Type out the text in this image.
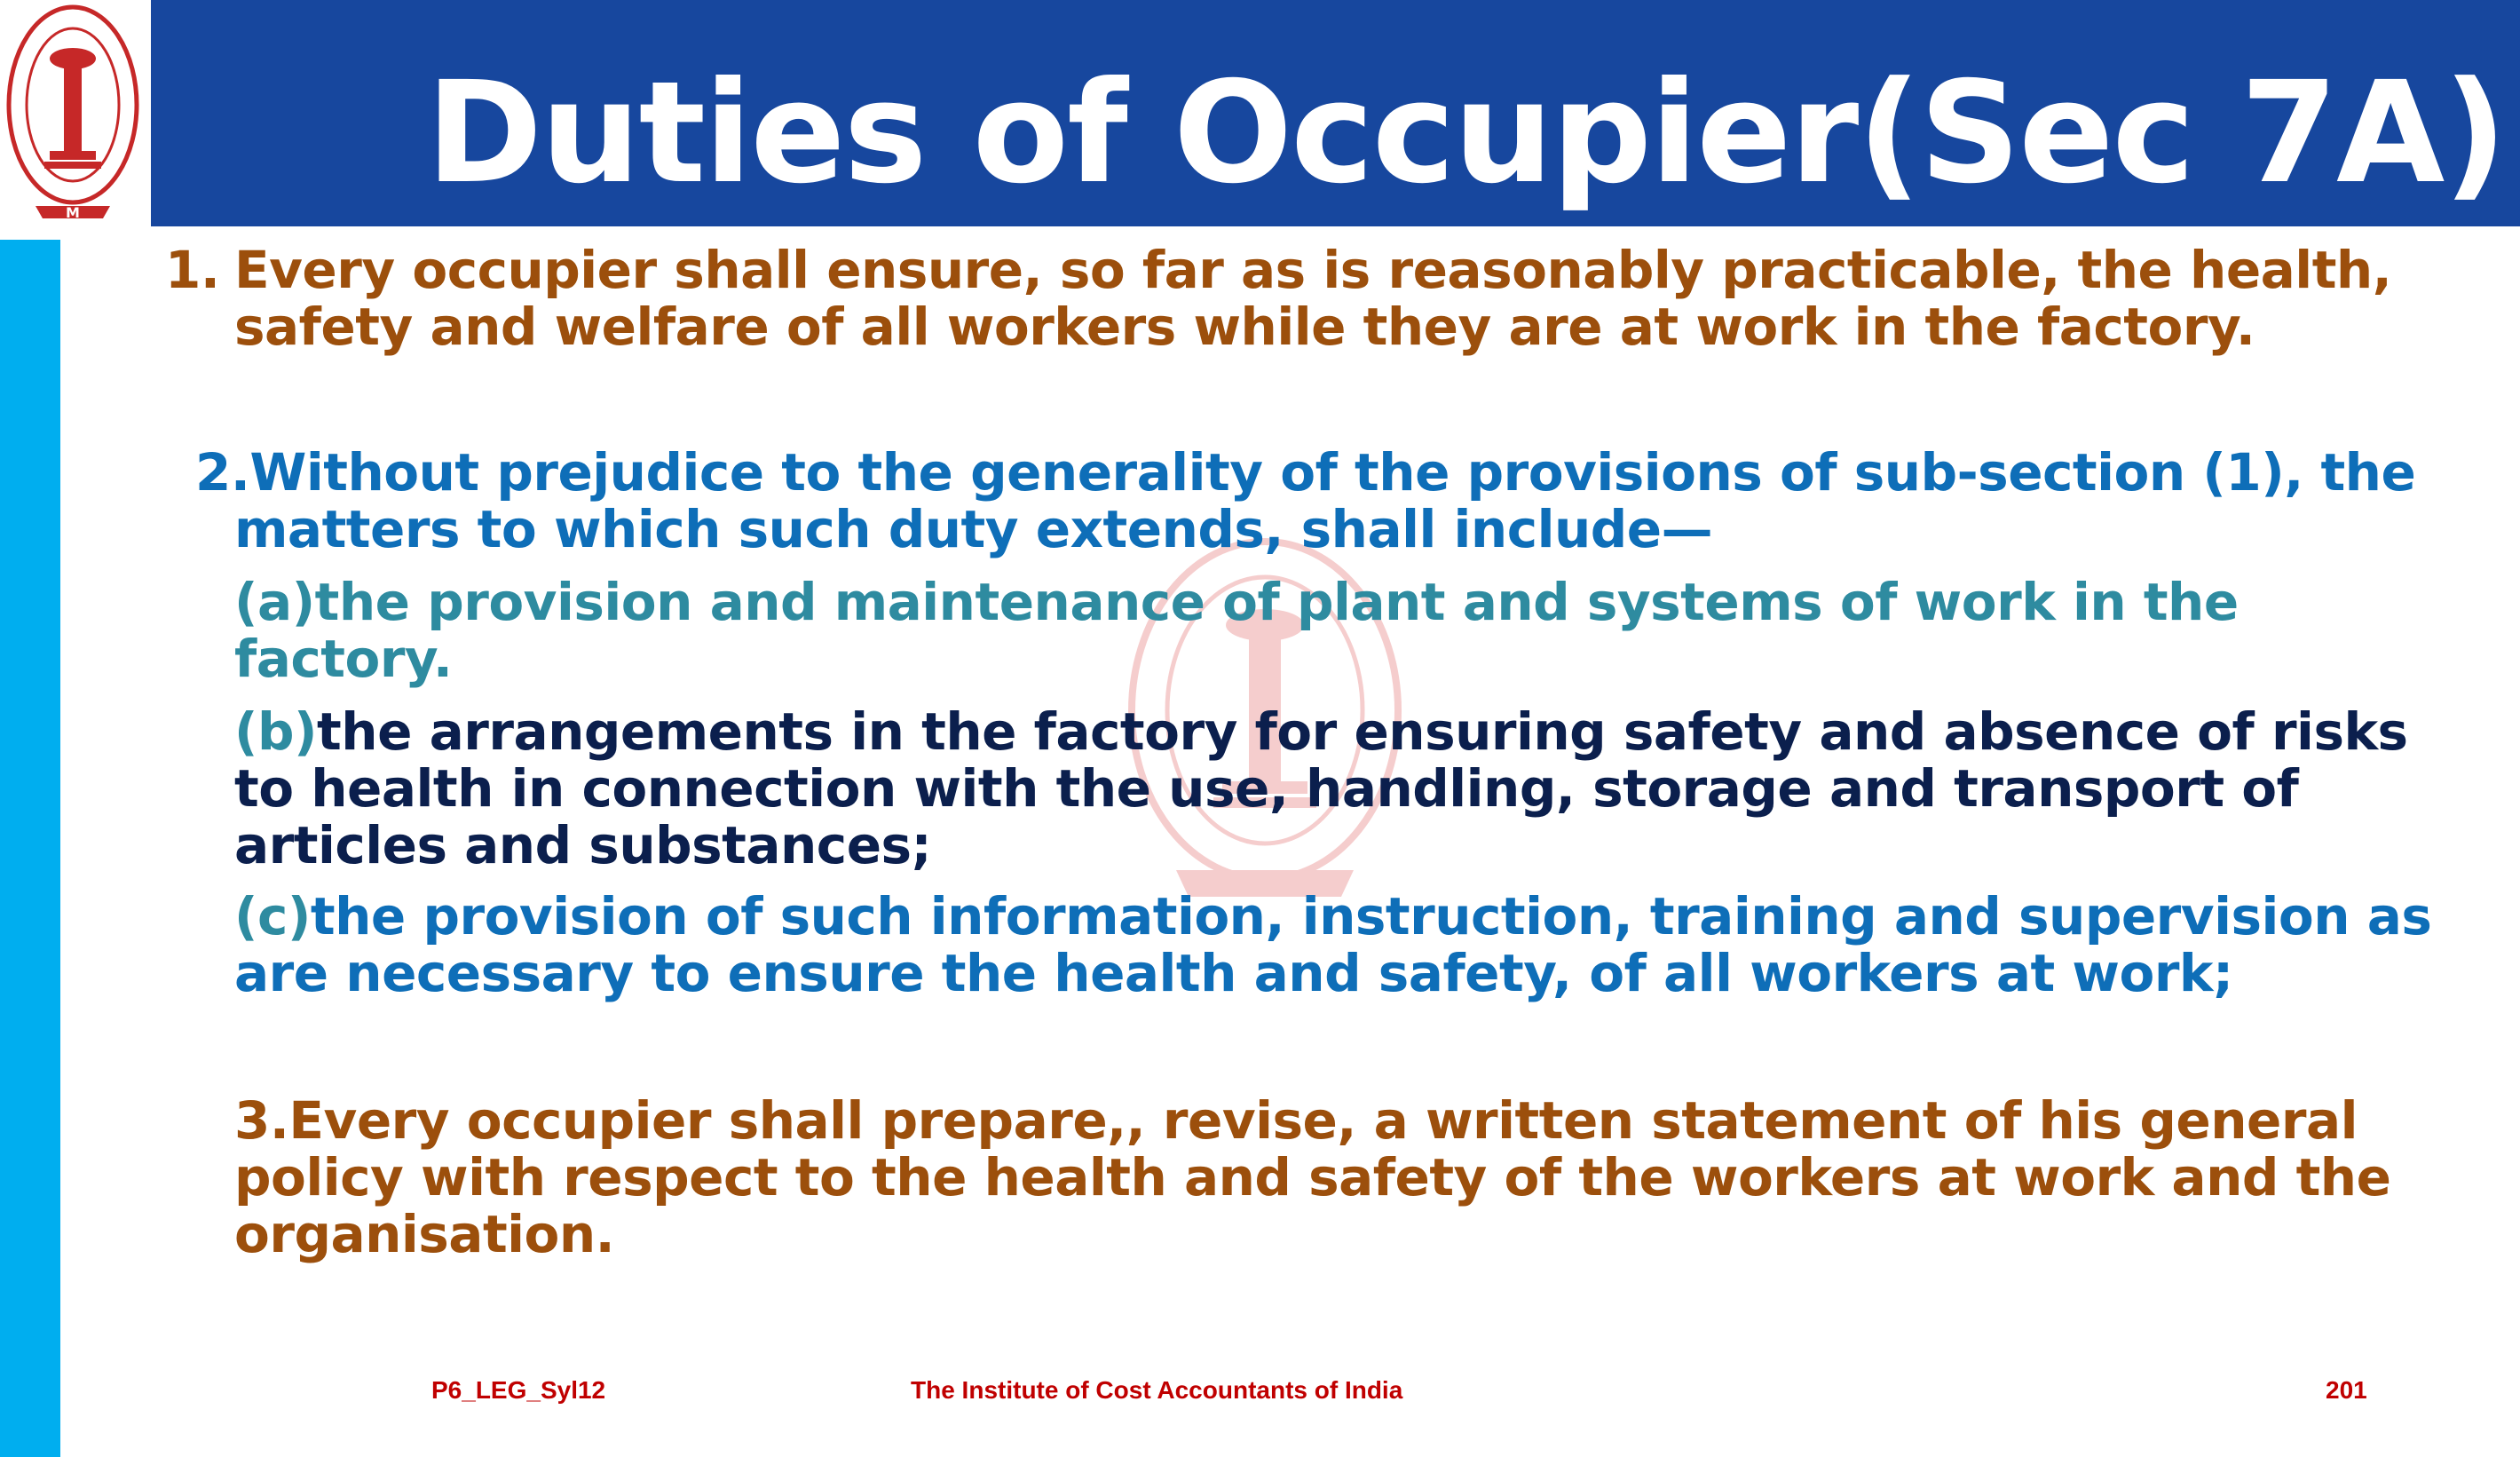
M Duties of Occupier(Sec 7A)
1. Every occupier shall ensure, so far as is reasonably practicable, the health,
safety and welfare of all workers while they are at work in the factory.
2.Without prejudice to the generality of the provisions of sub-section (1), the
matters to which such duty extends, shall include—
(a)the provision and maintenance of plant and systems of work in the
factory.
(b)the arrangements in the factory for ensuring safety and absence of risks
to health in connection with the use, handling, storage and transport of
articles and substances;
(c)the provision of such information, instruction, training and supervision as
are necessary to ensure the health and safety, of all workers at work;
3.Every occupier shall prepare,, revise, a written statement of his general
policy with respect to the health and safety of the workers at work and the
organisation.
P6_LEG_Syl12	The Institute of Cost Accountants of India	201
